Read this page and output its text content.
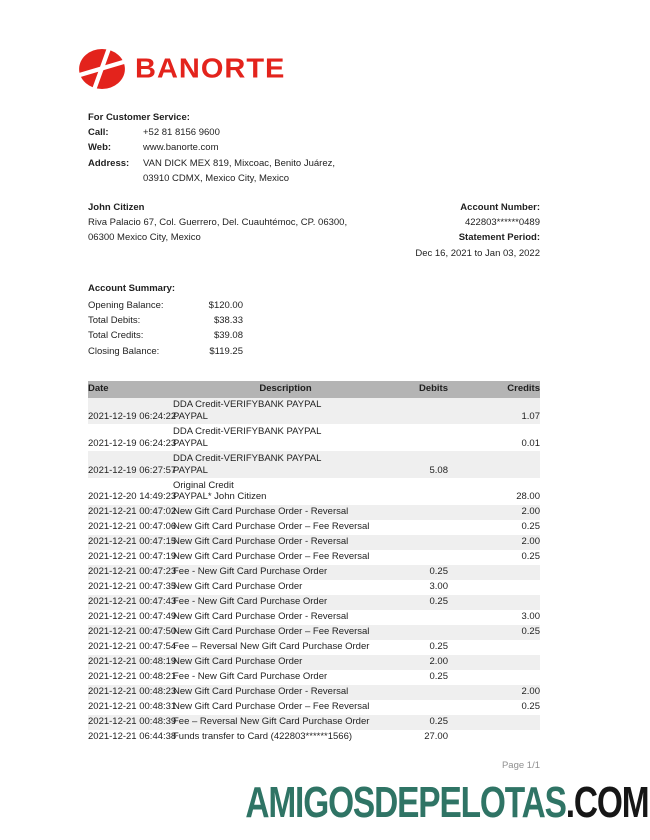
BANORTE
For Customer Service:
Call:	+52 81 8156 9600
Web:	www.banorte.com
Address:	VAN DICK MEX 819, Mixcoac, Benito Juárez,
03910 CDMX, Mexico City, Mexico
John Citizen
Riva Palacio 67, Col. Guerrero, Del. Cuauhtémoc, CP. 06300,
06300 Mexico City, Mexico
Account Number:
422803******0489
Statement Period:
Dec 16, 2021 to Jan 03, 2022
Account Summary:
Opening Balance:	$120.00
Total Debits:	$38.33
Total Credits:	$39.08
Closing Balance:	$119.25
Date	Description	Debits	Credits
2021-12-19 06:24:22	DDA Credit-VERIFYBANK PAYPAL
PAYPAL		1.07
2021-12-19 06:24:23	DDA Credit-VERIFYBANK PAYPAL
PAYPAL		0.01
2021-12-19 06:27:57	DDA Credit-VERIFYBANK PAYPAL
PAYPAL	5.08	
2021-12-20 14:49:23	Original Credit
PAYPAL* John Citizen		28.00
2021-12-21 00:47:02	New Gift Card Purchase Order - Reversal		2.00
2021-12-21 00:47:06	New Gift Card Purchase Order – Fee Reversal		0.25
2021-12-21 00:47:15	New Gift Card Purchase Order - Reversal		2.00
2021-12-21 00:47:19	New Gift Card Purchase Order – Fee Reversal		0.25
2021-12-21 00:47:23	Fee - New Gift Card Purchase Order	0.25	
2021-12-21 00:47:35	New Gift Card Purchase Order	3.00	
2021-12-21 00:47:43	Fee - New Gift Card Purchase Order	0.25	
2021-12-21 00:47:49	New Gift Card Purchase Order - Reversal		3.00
2021-12-21 00:47:50	New Gift Card Purchase Order – Fee Reversal		0.25
2021-12-21 00:47:54	Fee – Reversal New Gift Card Purchase Order	0.25	
2021-12-21 00:48:19	New Gift Card Purchase Order	2.00	
2021-12-21 00:48:21	Fee - New Gift Card Purchase Order	0.25	
2021-12-21 00:48:23	New Gift Card Purchase Order - Reversal		2.00
2021-12-21 00:48:31	New Gift Card Purchase Order – Fee Reversal		0.25
2021-12-21 00:48:39	Fee – Reversal New Gift Card Purchase Order	0.25	
2021-12-21 06:44:38	Funds transfer to Card (422803******1566)	27.00	
Page 1/1
AMIGOSDEPELOTAS.COM
